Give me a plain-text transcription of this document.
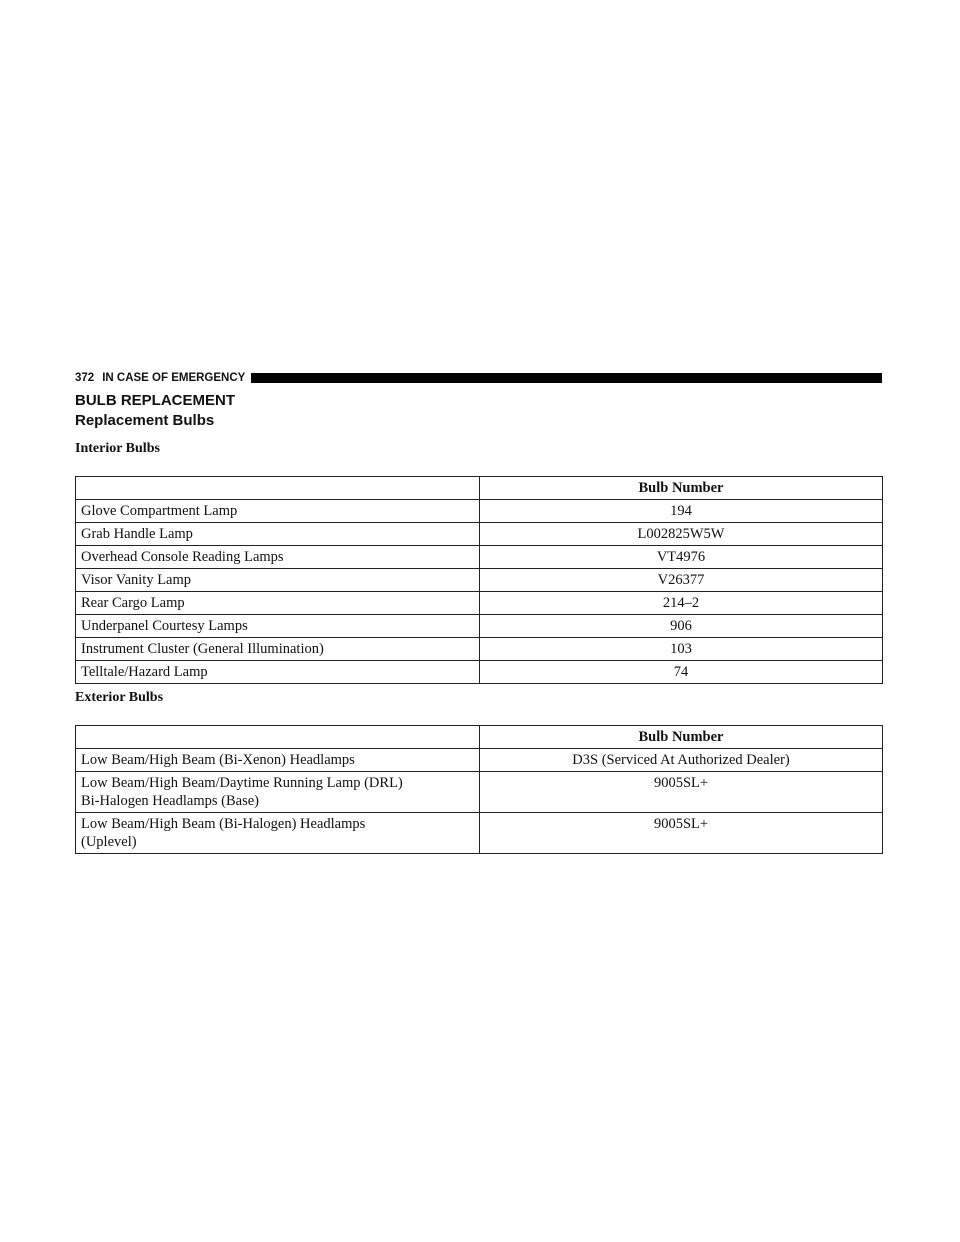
372 IN CASE OF EMERGENCY
BULB REPLACEMENT
Replacement Bulbs
Interior Bulbs
	Bulb Number
Glove Compartment Lamp	194
Grab Handle Lamp	L002825W5W
Overhead Console Reading Lamps	VT4976
Visor Vanity Lamp	V26377
Rear Cargo Lamp	214–2
Underpanel Courtesy Lamps	906
Instrument Cluster (General Illumination)	103
Telltale/Hazard Lamp	74
Exterior Bulbs
	Bulb Number

Low Beam/High Beam (Bi-Xenon) Headlamps	D3S (Serviced At Authorized Dealer)

Low Beam/High Beam/Daytime Running Lamp (DRL)
Bi-Halogen Headlamps (Base)	9005SL+

Low Beam/High Beam (Bi-Halogen) Headlamps
(Uplevel)	9005SL+
